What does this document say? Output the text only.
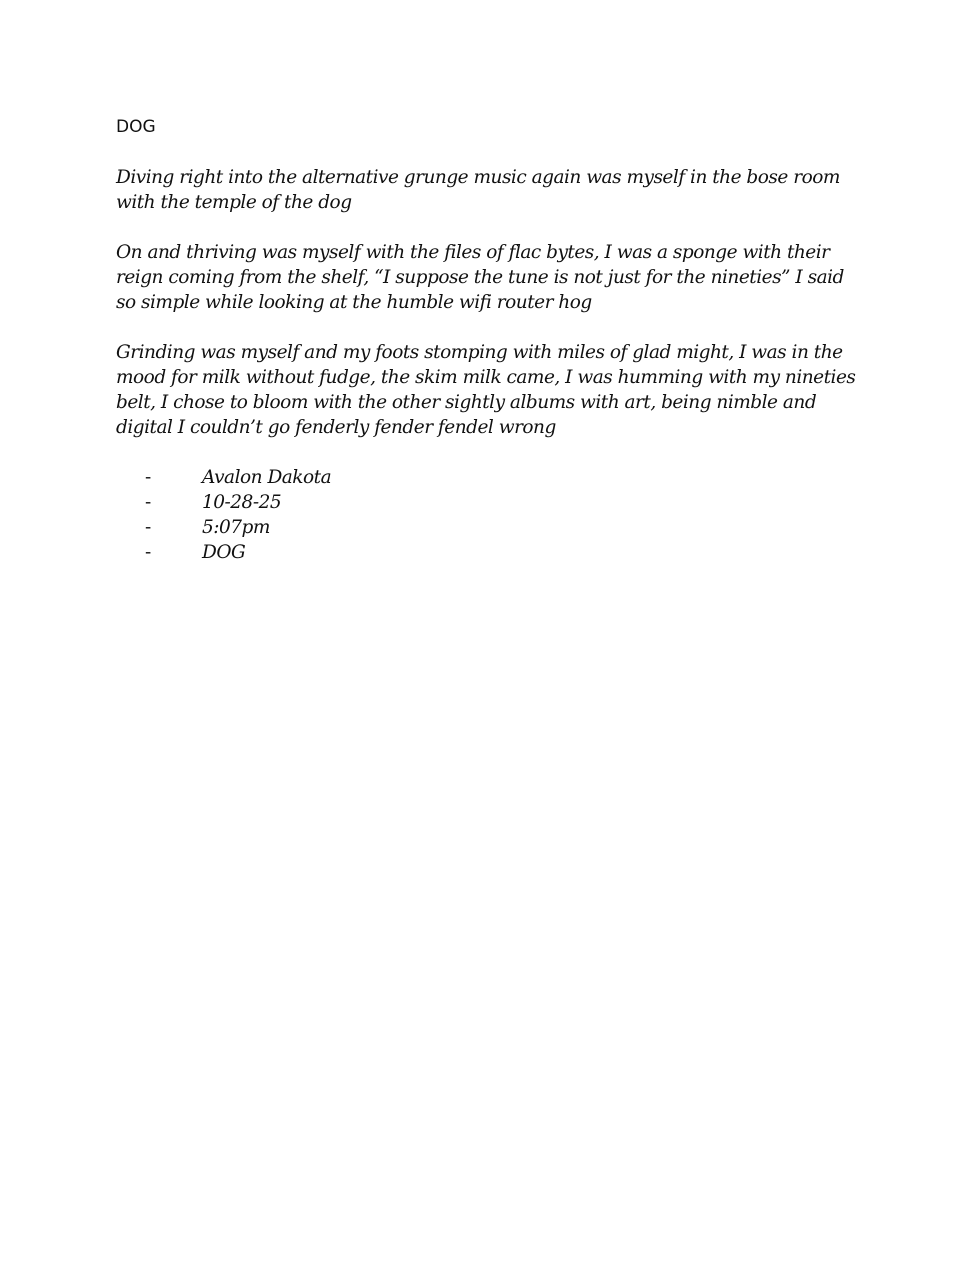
DOG
Diving right into the alternative grunge music again was myself in the bose room with the temple of the dog
On and thriving was myself with the files of flac bytes, I was a sponge with their reign coming from the shelf, “I suppose the tune is not just for the nineties” I said so simple while looking at the humble wifi router hog
Grinding was myself and my foots stomping with miles of glad might, I was in the mood for milk without fudge, the skim milk came, I was humming with my nineties belt, I chose to bloom with the other sightly albums with art, being nimble and digital I couldn’t go fenderly fender fendel wrong
-	Avalon Dakota
-	10-28-25
-	5:07pm
-	DOG
